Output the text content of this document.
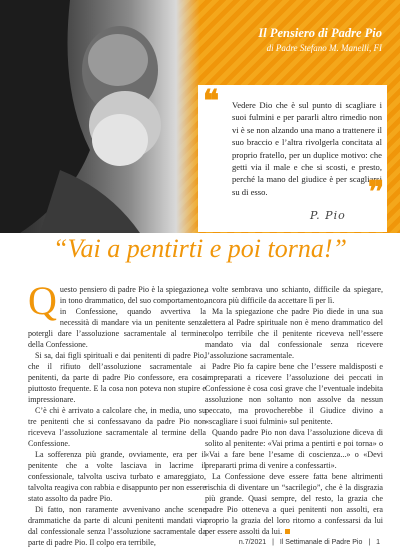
Il Pensiero di Padre Pio
di Padre Stefano M. Manelli, FI
❝ Vedere Dio che è sul punto di scagliare i suoi fulmini e per pararli altro rimedio non vi è se non alzando una mano a trattenere il suo braccio e l’altra rivolgerla concitata al proprio fratello, per un duplice motivo: che getti via il male e che si scosti, e presto, perché la mano del giudice è per scagliarsi su di esso.	❞
P. Pio
“Vai a pentirti e poi torna!”

Questo pensiero di padre Pio è la spiegazione, in tono drammatico, del suo comportamento, in Confessione, quando avvertiva la necessità di mandare via un penitente senza potergli dare l’assoluzione sacramentale al termine della Confessione.

Si sa, dai figli spirituali e dai penitenti di padre Pio, che il rifiuto dell’assoluzione sacramentale ai penitenti, da parte di padre Pio confessore, era cosa piuttosto frequente. E la cosa non poteva non stupire e impressionare.

C’è chi è arrivato a calcolare che, in media, uno su tre penitenti che si confessavano da padre Pio non riceveva l’assoluzione sacramentale al termine della Confessione.

La sofferenza più grande, ovviamente, era per il penitente che a volte lasciava in lacrime il confessionale, talvolta uscivа turbato e amareggiato, talvolta reagiva con rabbia e disappunto per non essere stato assolto da padre Pio.

Di fatto, non raramente avvenivano anche scene drammatiche da parte di alcuni penitenti mandati via dal confessionale senza l’assoluzione sacramentale da parte di padre Pio. Il colpo era terribile,

a volte sembrava uno schianto, difficile da spiegare, ancora più difficile da accettare lì per lì.

Ma la spiegazione che padre Pio diede in una sua lettera al Padre spirituale non è meno drammatico del colpo terribile che il penitente riceveva nell’essere mandato via dal confessionale senza ricevere l’assoluzione sacramentale.

Padre Pio fa capire bene che l’essere maldisposti e impreparati a ricevere l’assoluzione dei peccati in Confessione è cosa così grave che l’eventuale indebita assoluzione non soltanto non assolve da nessun peccato, ma provocherebbe il Giudice divino a «scagliare i suoi fulmini» sul penitente.

Quando padre Pio non dava l’assoluzione diceva di solito al penitente: «Vai prima a pentirti e poi torna» o «Vai a fare bene l’esame di coscienza...» o «Devi prepararti prima di venire a confessarti».

La Confessione deve essere fatta bene altrimenti rischia di diventare un “sacrilegio”, che è la disgrazia più grande. Quasi sempre, del resto, la grazia che padre Pio otteneva a quei penitenti non assolti, era proprio la grazia del loro ritorno a confessarsi da lui per essere assolti da lui.

n.7/2021 | Il Settimanale di Padre Pio | 1
